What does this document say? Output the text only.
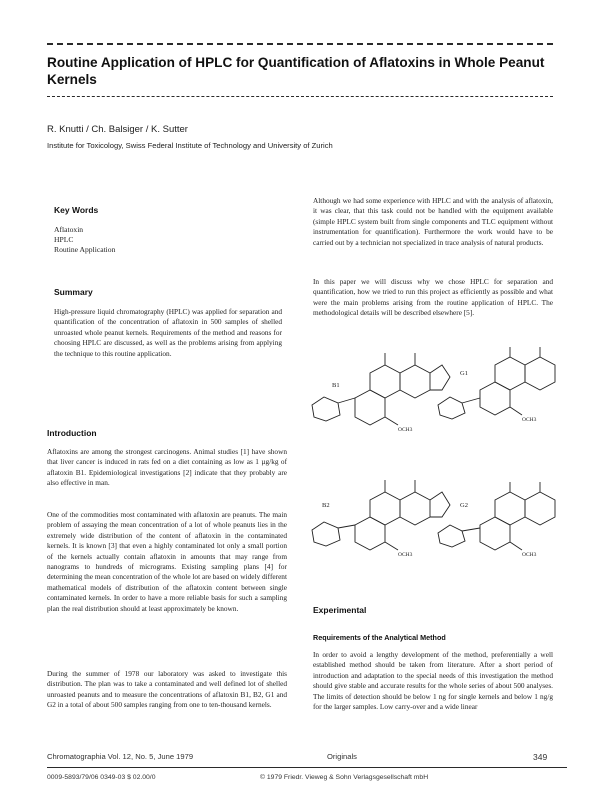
Routine Application of HPLC for Quantification of Aflatoxins in Whole Peanut Kernels

R. Knutti / Ch. Balsiger / K. Sutter

Institute for Toxicology, Swiss Federal Institute of Technology and University of Zurich

Key Words

Aflatoxin

HPLC

Routine Application

Summary

High-pressure liquid chromatography (HPLC) was applied for separation and quantification of the concentration of aflatoxin in 500 samples of shelled unroasted whole peanut kernels. Requirements of the method and reasons for choosing HPLC are discussed, as well as the problems arising from applying the technique to this routine application.

Introduction

Aflatoxins are among the strongest carcinogens. Animal studies [1] have shown that liver cancer is induced in rats fed on a diet containing as low as 1 µg/kg of aflatoxin B1. Epidemiological investigations [2] indicate that they probably are also effective in man.

One of the commodities most contaminated with aflatoxin are peanuts. The main problem of assaying the mean concentration of a lot of whole peanuts lies in the extremely wide distribution of the content of aflatoxin in the contaminated kernels. It is known [3] that even a highly contaminated lot only a small portion of the kernels actually contain aflatoxin in amounts that may range from nanograms to hundreds of micrograms. Existing sampling plans [4] for determining the mean concentration of the whole lot are based on widely different mathematical models of distribution of the aflatoxin content between single contaminated kernels. In order to have a more reliable basis for such a sampling plan the real distribution should at least approximately be known.

During the summer of 1978 our laboratory was asked to investigate this distribution. The plan was to take a contaminated and well defined lot of shelled unroasted peanuts and to measure the concentrations of aflatoxin B1, B2, G1 and G2 in a total of about 500 samples ranging from one to ten-thousand kernels.

Although we had some experience with HPLC and with the analysis of aflatoxin, it was clear, that this task could not be handled with the equipment available (simple HPLC system built from single components and TLC equipment without instrumentation for quantification). Furthermore the work would have to be carried out by a technician not specialized in trace analysis of natural products.

In this paper we will discuss why we chose HPLC for separation and quantification, how we tried to run this project as efficiently as possible and what were the main problems arising from the routine application of HPLC. The methodological details will be described elsewhere [5].

B1
G1
B2	G2
OCH3
OCH3
OCH3	OCH3
Experimental
Requirements of the Analytical Method

In order to avoid a lengthy development of the method, preferentially a well established method should be taken from literature. After a short period of introduction and adaptation to the special needs of this investigation the method should give stable and accurate results for the whole series of about 500 analyses. The limits of detection should be below 1 ng for single kernels and below 1 ng/g for the larger samples. Low carry-over and a wide linear

Chromatographia Vol. 12, No. 5, June 1979	Originals	349

0009-5893/79/06 0349-03 $ 02.00/0	© 1979 Friedr. Vieweg & Sohn Verlagsgesellschaft mbH
